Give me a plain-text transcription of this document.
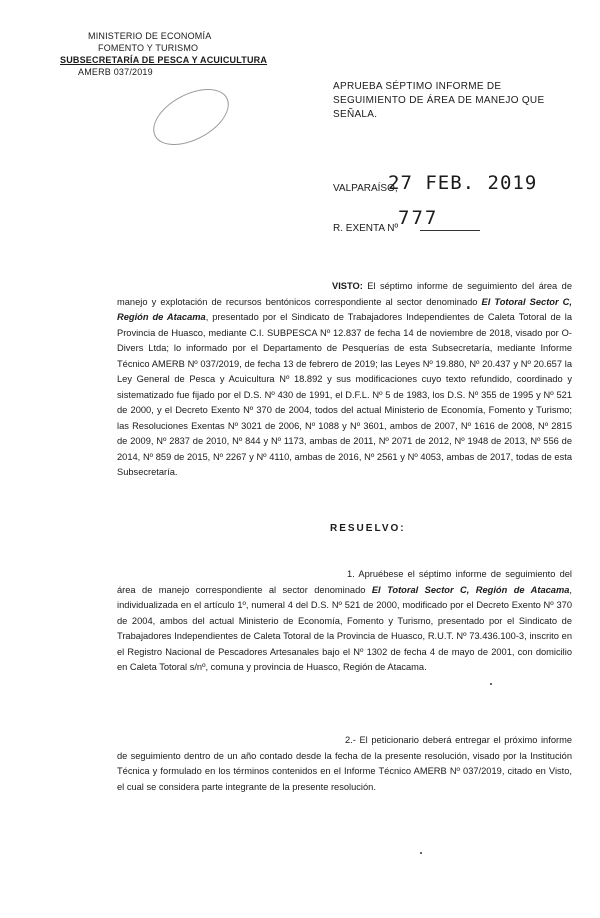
MINISTERIO DE ECONOMÍA
FOMENTO Y TURISMO
SUBSECRETARÍA DE PESCA Y ACUICULTURA
AMERB 037/2019
APRUEBA SÉPTIMO INFORME DE SEGUIMIENTO DE ÁREA DE MANEJO QUE SEÑALA.
VALPARAÍSO,
27 FEB. 2019
R. EXENTA Nº 777
VISTO: El séptimo informe de seguimiento del área de manejo y explotación de recursos bentónicos correspondiente al sector denominado El Totoral Sector C, Región de Atacama, presentado por el Sindicato de Trabajadores Independientes de Caleta Totoral de la Provincia de Huasco, mediante C.I. SUBPESCA Nº 12.837 de fecha 14 de noviembre de 2018, visado por O-Divers Ltda; lo informado por el Departamento de Pesquerías de esta Subsecretaría, mediante Informe Técnico AMERB Nº 037/2019, de fecha 13 de febrero de 2019; las Leyes Nº 19.880, Nº 20.437 y Nº 20.657 la Ley General de Pesca y Acuicultura Nº 18.892 y sus modificaciones cuyo texto refundido, coordinado y sistematizado fue fijado por el D.S. Nº 430 de 1991, el D.F.L. Nº 5 de 1983, los D.S. Nº 355 de 1995 y Nº 521 de 2000, y el Decreto Exento Nº 370 de 2004, todos del actual Ministerio de Economía, Fomento y Turismo; las Resoluciones Exentas Nº 3021 de 2006, Nº 1088 y Nº 3601, ambos de 2007, Nº 1616 de 2008, Nº 2815 de 2009, Nº 2837 de 2010, Nº 844 y Nº 1173, ambas de 2011, Nº 2071 de 2012, Nº 1948 de 2013, Nº 556 de 2014, Nº 859 de 2015, Nº 2267 y Nº 4110, ambas de 2016, Nº 2561 y Nº 4053, ambas de 2017, todas de esta Subsecretaría.
RESUELVO:
1. Apruébese el séptimo informe de seguimiento del área de manejo correspondiente al sector denominado El Totoral Sector C, Región de Atacama, individualizada en el artículo 1º, numeral 4 del D.S. Nº 521 de 2000, modificado por el Decreto Exento Nº 370 de 2004, ambos del actual Ministerio de Economía, Fomento y Turismo, presentado por el Sindicato de Trabajadores Independientes de Caleta Totoral de la Provincia de Huasco, R.U.T. Nº 73.436.100-3, inscrito en el Registro Nacional de Pescadores Artesanales bajo el Nº 1302 de fecha 4 de mayo de 2001, con domicilio en Caleta Totoral s/nº, comuna y provincia de Huasco, Región de Atacama.
2.- El peticionario deberá entregar el próximo informe de seguimiento dentro de un año contado desde la fecha de la presente resolución, visado por la Institución Técnica y formulado en los términos contenidos en el Informe Técnico AMERB Nº 037/2019, citado en Visto, el cual se considera parte integrante de la presente resolución.
